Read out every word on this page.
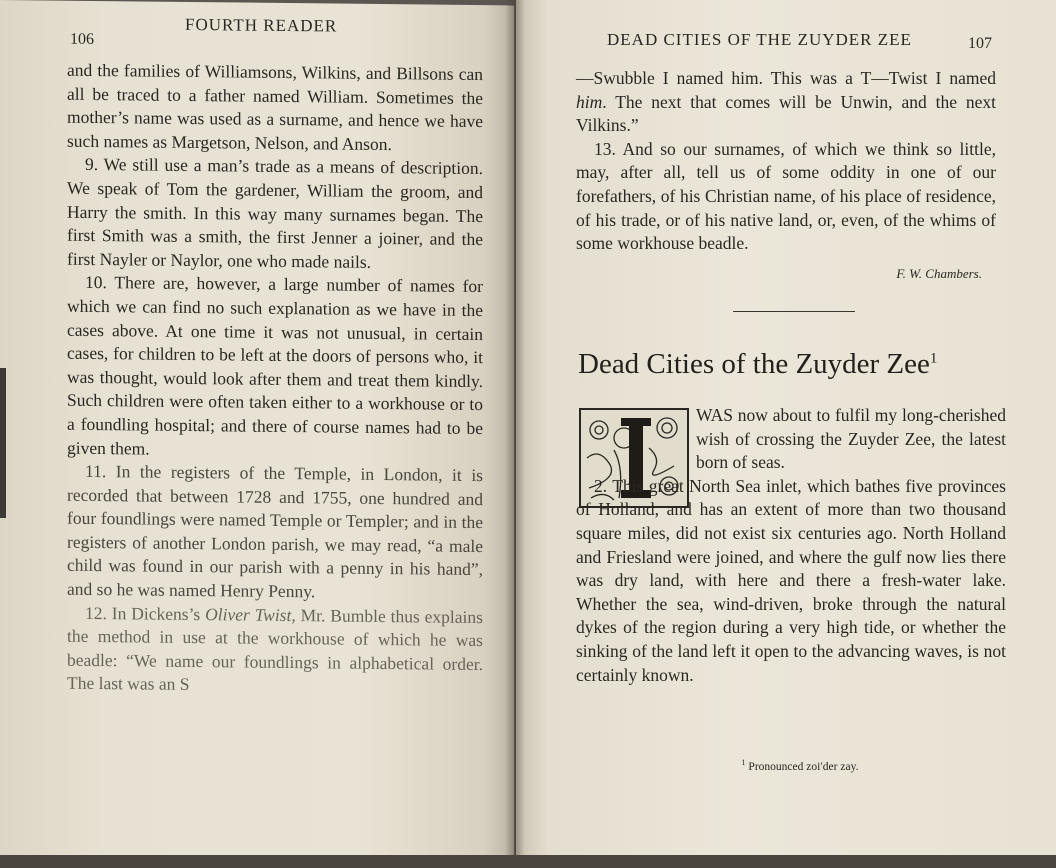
106
FOURTH READER

and the families of Williamsons, Wilkins, and Billsons can all be traced to a father named William. Sometimes the mother’s name was used as a surname, and hence we have such names as Margetson, Nelson, and Anson.

9. We still use a man’s trade as a means of description. We speak of Tom the gardener, William the groom, and Harry the smith. In this way many surnames began. The first Smith was a smith, the first Jenner a joiner, and the first Nayler or Naylor, one who made nails.

10. There are, however, a large number of names for which we can find no such explanation as we have in the cases above. At one time it was not unusual, in certain cases, for children to be left at the doors of persons who, it was thought, would look after them and treat them kindly. Such children were often taken either to a workhouse or to a foundling hospital; and there of course names had to be given them.

11. In the registers of the Temple, in London, it is recorded that between 1728 and 1755, one hundred and four foundlings were named Temple or Templer; and in the registers of another London parish, we may read, “a male child was found in our parish with a penny in his hand”, and so he was named Henry Penny.

12. In Dickens’s Oliver Twist, Mr. Bumble thus explains the method in use at the workhouse of which he was beadle: “We name our foundlings in alphabetical order. The last was an S

DEAD CITIES OF THE ZUYDER ZEE	107

—Swubble I named him. This was a T—Twist I named him. The next that comes will be Unwin, and the next Vilkins.”

13. And so our surnames, of which we think so little, may, after all, tell us of some oddity in one of our forefathers, of his Christian name, of his place of residence, of his trade, or of his native land, or, even, of the whims of some workhouse beadle.

F. W. Chambers.
Dead Cities of the Zuyder Zee$^1$
I

WAS now about to fulfil my long-cherished wish of crossing the Zuyder Zee, the latest born of seas.

2. This great North Sea inlet, which bathes five provinces of Holland, and has an extent of more than two thousand square miles, did not exist six centuries ago. North Holland and Friesland were joined, and where the gulf now lies there was dry land, with here and there a fresh-water lake. Whether the sea, wind-driven, broke through the natural dykes of the region during a very high tide, or whether the sinking of the land left it open to the advancing waves, is not certainly known.

$^1$ Pronounced zoi′der zay.
